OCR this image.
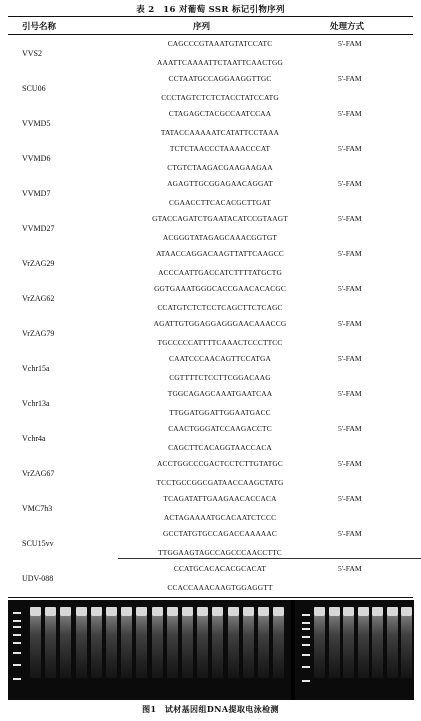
表 2　16 对葡萄 SSR 标记引物序列
引号名称	序列	处理方式
VVS2
CAGCCCGTAAATGTATCCATC
AAATTCAAAATTCTAATTCAACTGG
5'-FAM
SCU06
CCTAATGCCAGGAAGGTTGC
CCCTAGTCTCTCTACCTATCCATG
5'-FAM
VVMD5
CTAGAGCTACGCCAATCCAA
TATACCAAAAATCATATTCCTAAA
5'-FAM
VVMD6
TCTCTAACCCTAAAACCCAT
CTGTCTAAGACGAAGAAGAA
5'-FAM
VVMD7
AGAGTTGCGGAGAACAGGAT
CGAACCTTCACACGCTTGAT
5'-FAM
VVMD27
GTACCAGATCTGAATACATCCGTAAGT
ACGGGTATAGAGCAAACGGTGT
5'-FAM
VrZAG29
ATAACCAGGACAAGTTATTCAAGCC
ACCCAATTGACCATCTTTTATGCTG
5'-FAM
VrZAG62
GGTGAAATGGGCACCGAACACACGC
CCATGTCTCTCCTCAGCTTCTCAGC
5'-FAM
VrZAG79
AGATTGTGGAGGAGGGAACAAACCG
TGCCCCCATTTTCAAACTCCCTTCC
5'-FAM
Vchr15a
CAATCCCAACAGTTCCATGA
CGTTTTCTCCTTCGGACAAG
5'-FAM
Vchr13a
TGGCAGAGCAAATGAATCAA
TTGGATGGATTGGAATGACC
5'-FAM
Vchr4a
CAACTGGGATCCAAGACCTC
CAGCTTCACAGGTAACCACA
5'-FAM
VrZAG67
ACCTGGCCCGACTCCTCTTGTATGC
TCCTGCCGGCGATAACCAAGCTATG
5'-FAM
VMC7h3
TCAGATATTGAAGAACACCACA
ACTAGAAAATGCACAATCTCCC
5'-FAM
SCU15vv
GCCTATGTGCCAGACCAAAAAC
TTGGAAGTAGCCAGCCCAACCTTC
5'-FAM
UDV-088
CCATGCACACACGCACAT
CCACCAAACAAGTGGAGGTT
5'-FAM
图1　试材基因组DNA提取电泳检测
